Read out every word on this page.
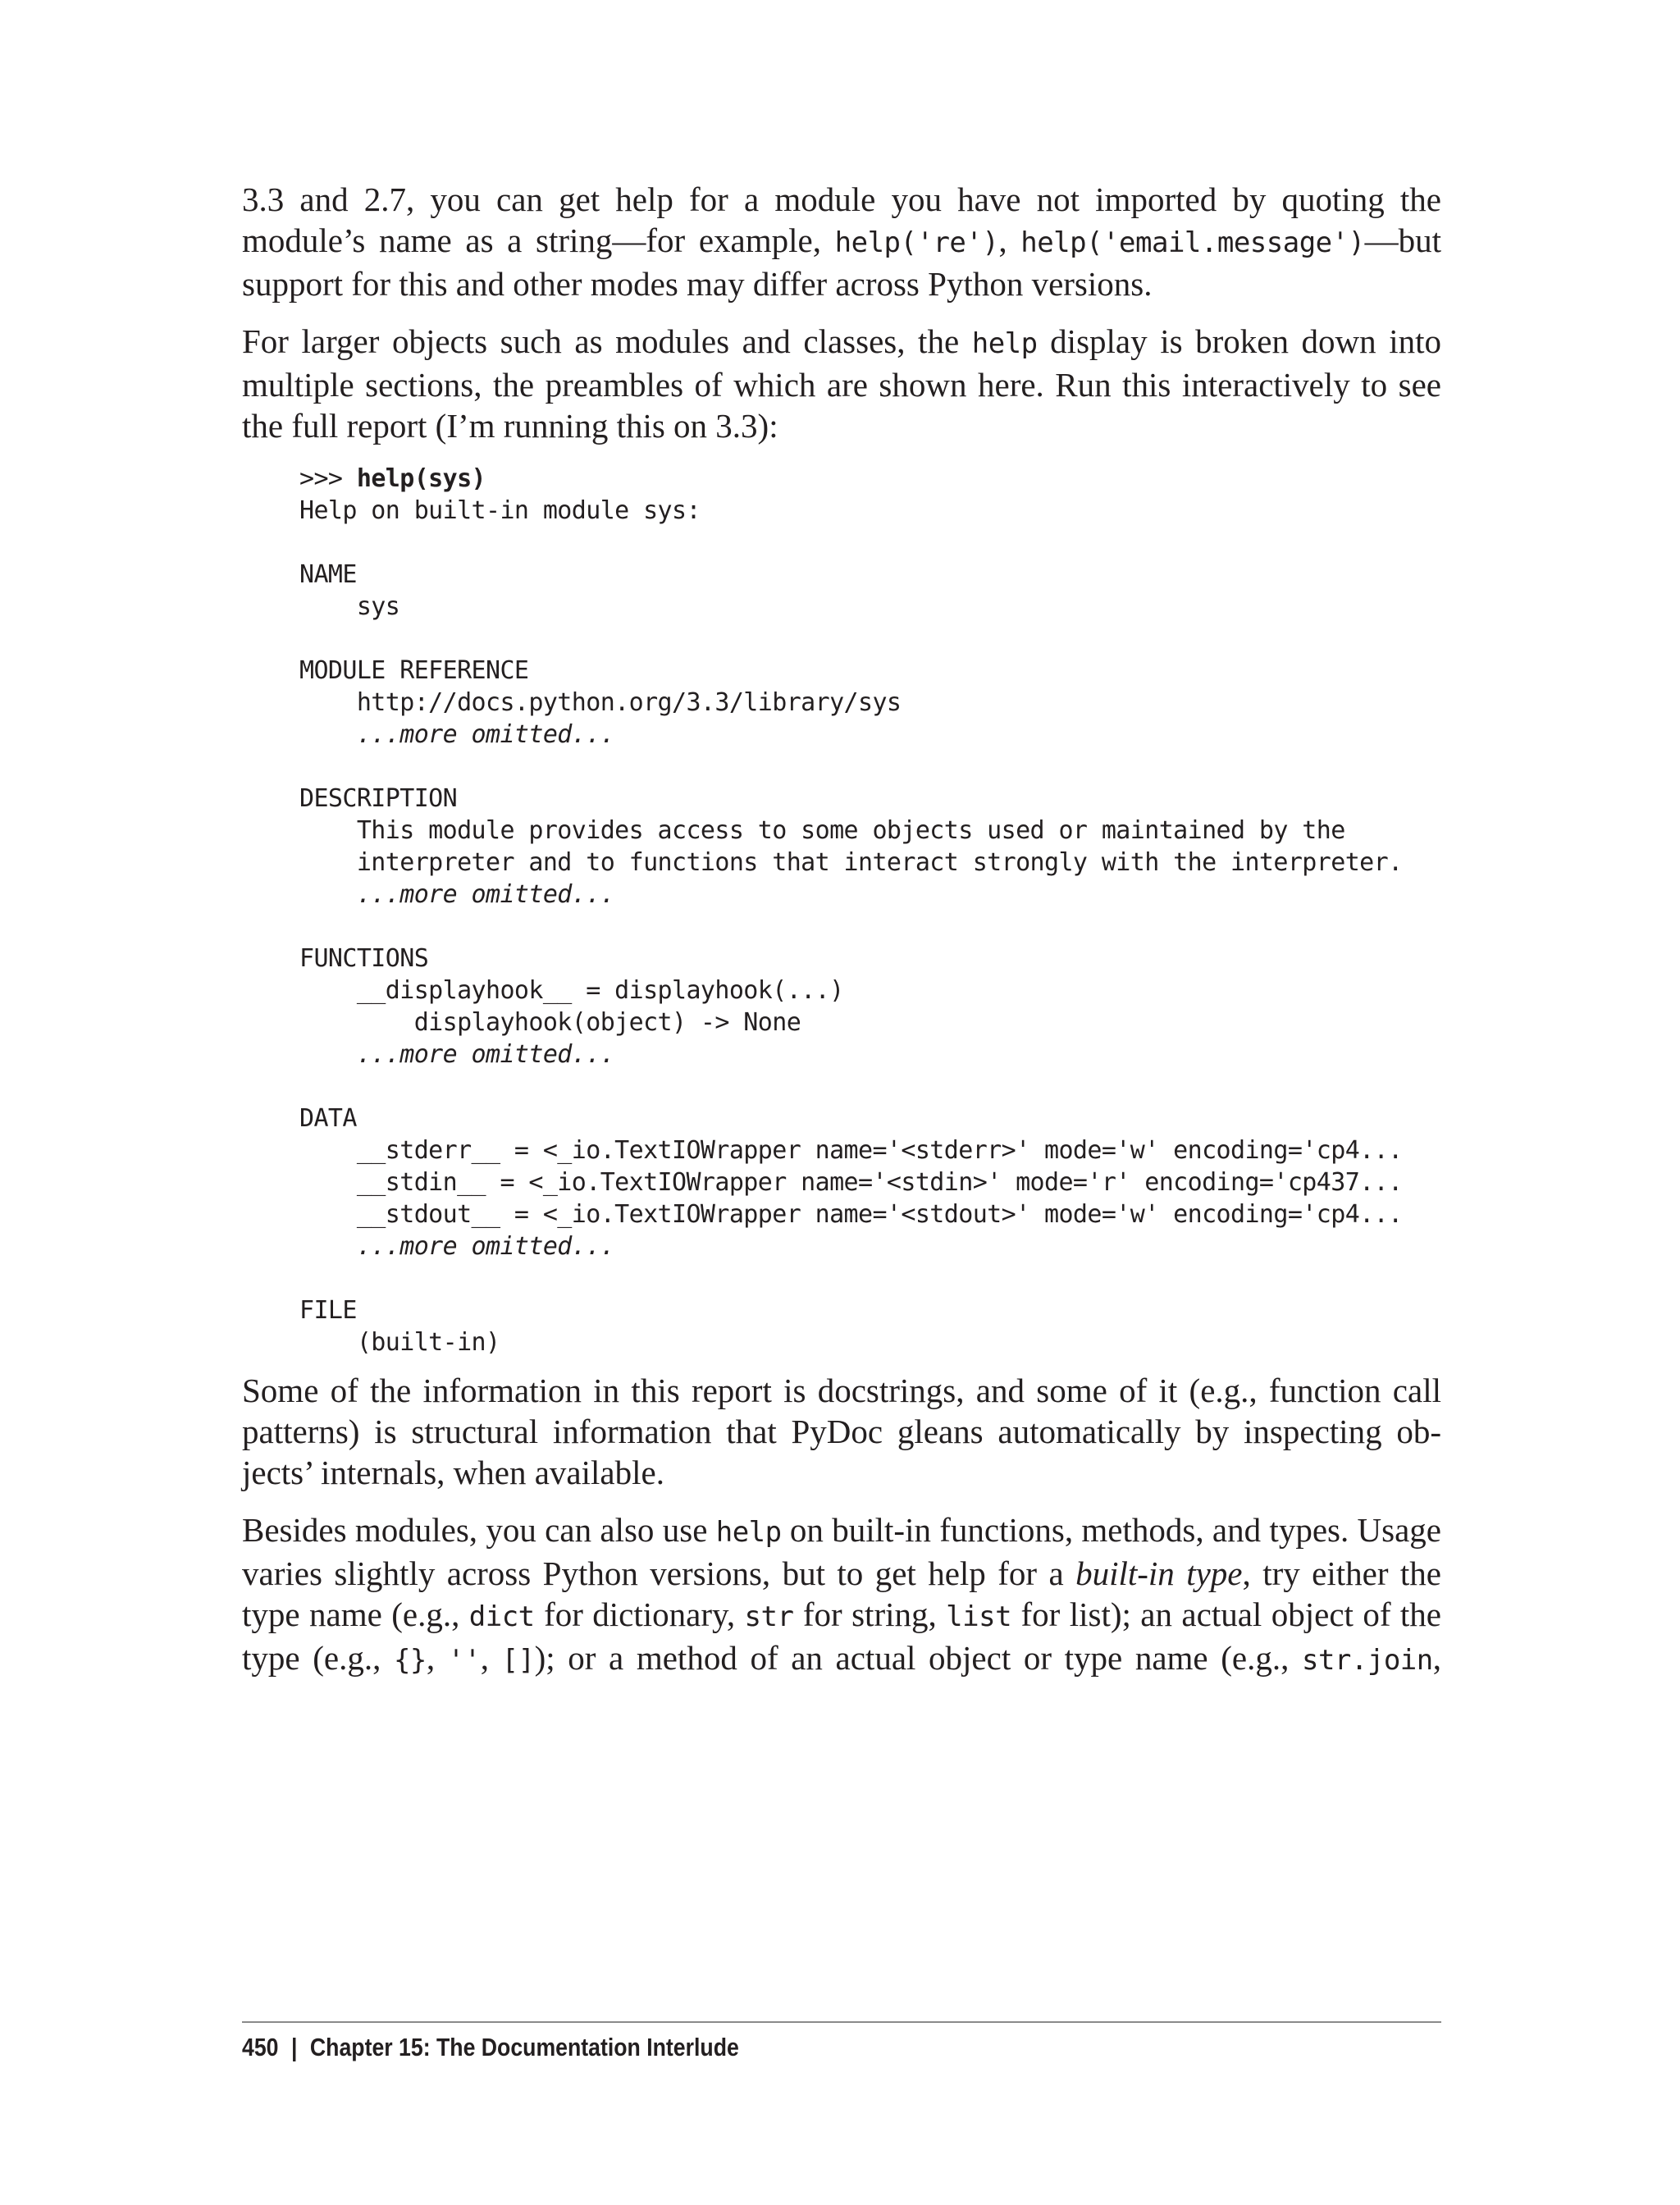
3.3 and 2.7, you can get help for a module you have not imported by quoting the
module’s name as a string—for example, help('re'), help('email.message')—but
support for this and other modes may differ across Python versions.
For larger objects such as modules and classes, the help display is broken down into
multiple sections, the preambles of which are shown here. Run this interactively to see
the full report (I’m running this on 3.3):
>>> help(sys)
Help on built-in module sys:
NAME
sys
MODULE REFERENCE
http://docs.python.org/3.3/library/sys
...more omitted...
DESCRIPTION
This module provides access to some objects used or maintained by the
interpreter and to functions that interact strongly with the interpreter.
...more omitted...
FUNCTIONS
__displayhook__ = displayhook(...)
displayhook(object) -> None
...more omitted...
DATA
__stderr__ = <_io.TextIOWrapper name='<stderr>' mode='w' encoding='cp4...
__stdin__ = <_io.TextIOWrapper name='<stdin>' mode='r' encoding='cp437...
__stdout__ = <_io.TextIOWrapper name='<stdout>' mode='w' encoding='cp4...
...more omitted...
FILE
(built-in)
Some of the information in this report is docstrings, and some of it (e.g., function call
patterns) is structural information that PyDoc gleans automatically by inspecting ob-
jects’ internals, when available.
Besides modules, you can also use help on built-in functions, methods, and types. Usage
varies slightly across Python versions, but to get help for a built-in type, try either the
type name (e.g., dict for dictionary, str for string, list for list); an actual object of the
type (e.g., {}, '', []); or a method of an actual object or type name (e.g., str.join,
450 | Chapter 15: The Documentation Interlude
